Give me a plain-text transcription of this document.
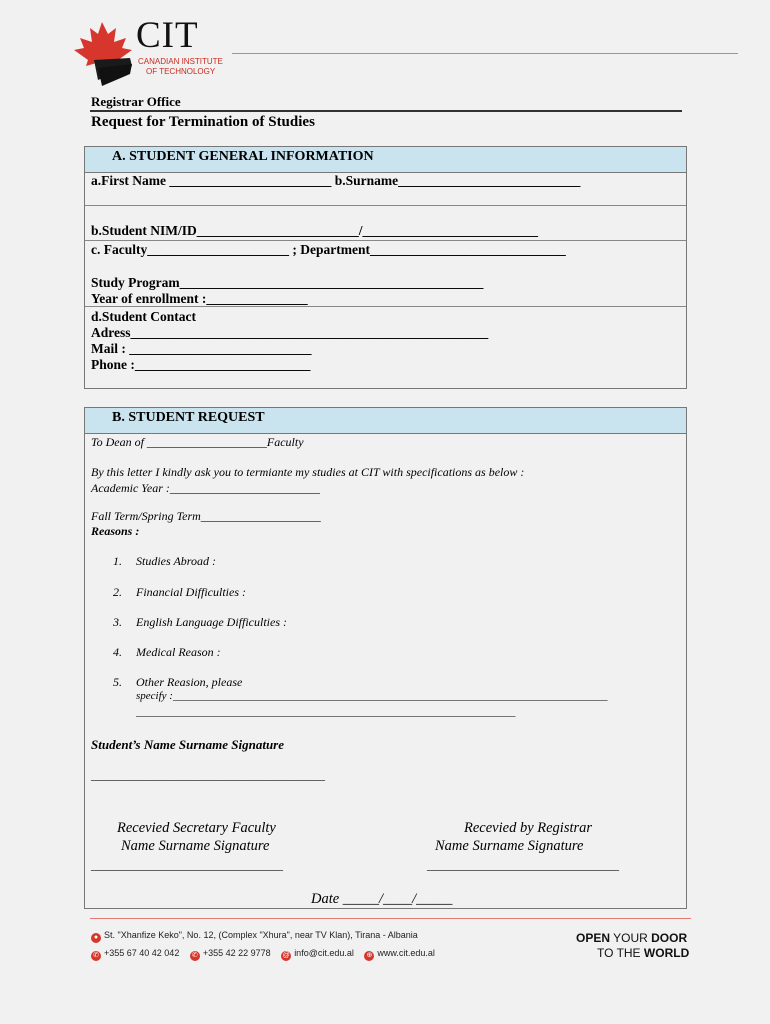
CIT
CANADIAN INSTITUTE
OF TECHNOLOGY
Registrar Office
Request for Termination of Studies
A. STUDENT GENERAL INFORMATION
a.First Name ________________________ b.Surname___________________________
b.Student NIM/ID________________________/__________________________
c. Faculty_____________________ ; Department_____________________________
Study Program_____________________________________________
Year of enrollment :_______________
d.Student Contact
Adress_____________________________________________________
Mail : ___________________________
Phone :__________________________
B. STUDENT REQUEST
To Dean of ____________________Faculty
By this letter I kindly ask you to termiante my studies at CIT with specifications as below :
Academic Year :_________________________
Fall Term/Spring Term____________________
Reasons :
1. Studies Abroad :
2. Financial Difficulties :
3. English Language Difficulties :
4. Medical Reason :
5. Other Reasion, please
specify :_______________________________________________________________________________
_____________________________________________________________________
Student’s Name Surname Signature
_______________________________________
Recevied Secretary Faculty
Name Surname Signature
________________________________
Recevied by Registrar
Name Surname Signature
________________________________
Date _____/____/_____
● St. "Xhanfize Keko", No. 12, (Complex "Xhura", near TV Klan), Tirana - Albania
✆ +355 67 40 42 042 ✆ +355 42 22 9778 @ info@cit.edu.al ⊕ www.cit.edu.al
OPEN YOUR DOOR
TO THE WORLD
